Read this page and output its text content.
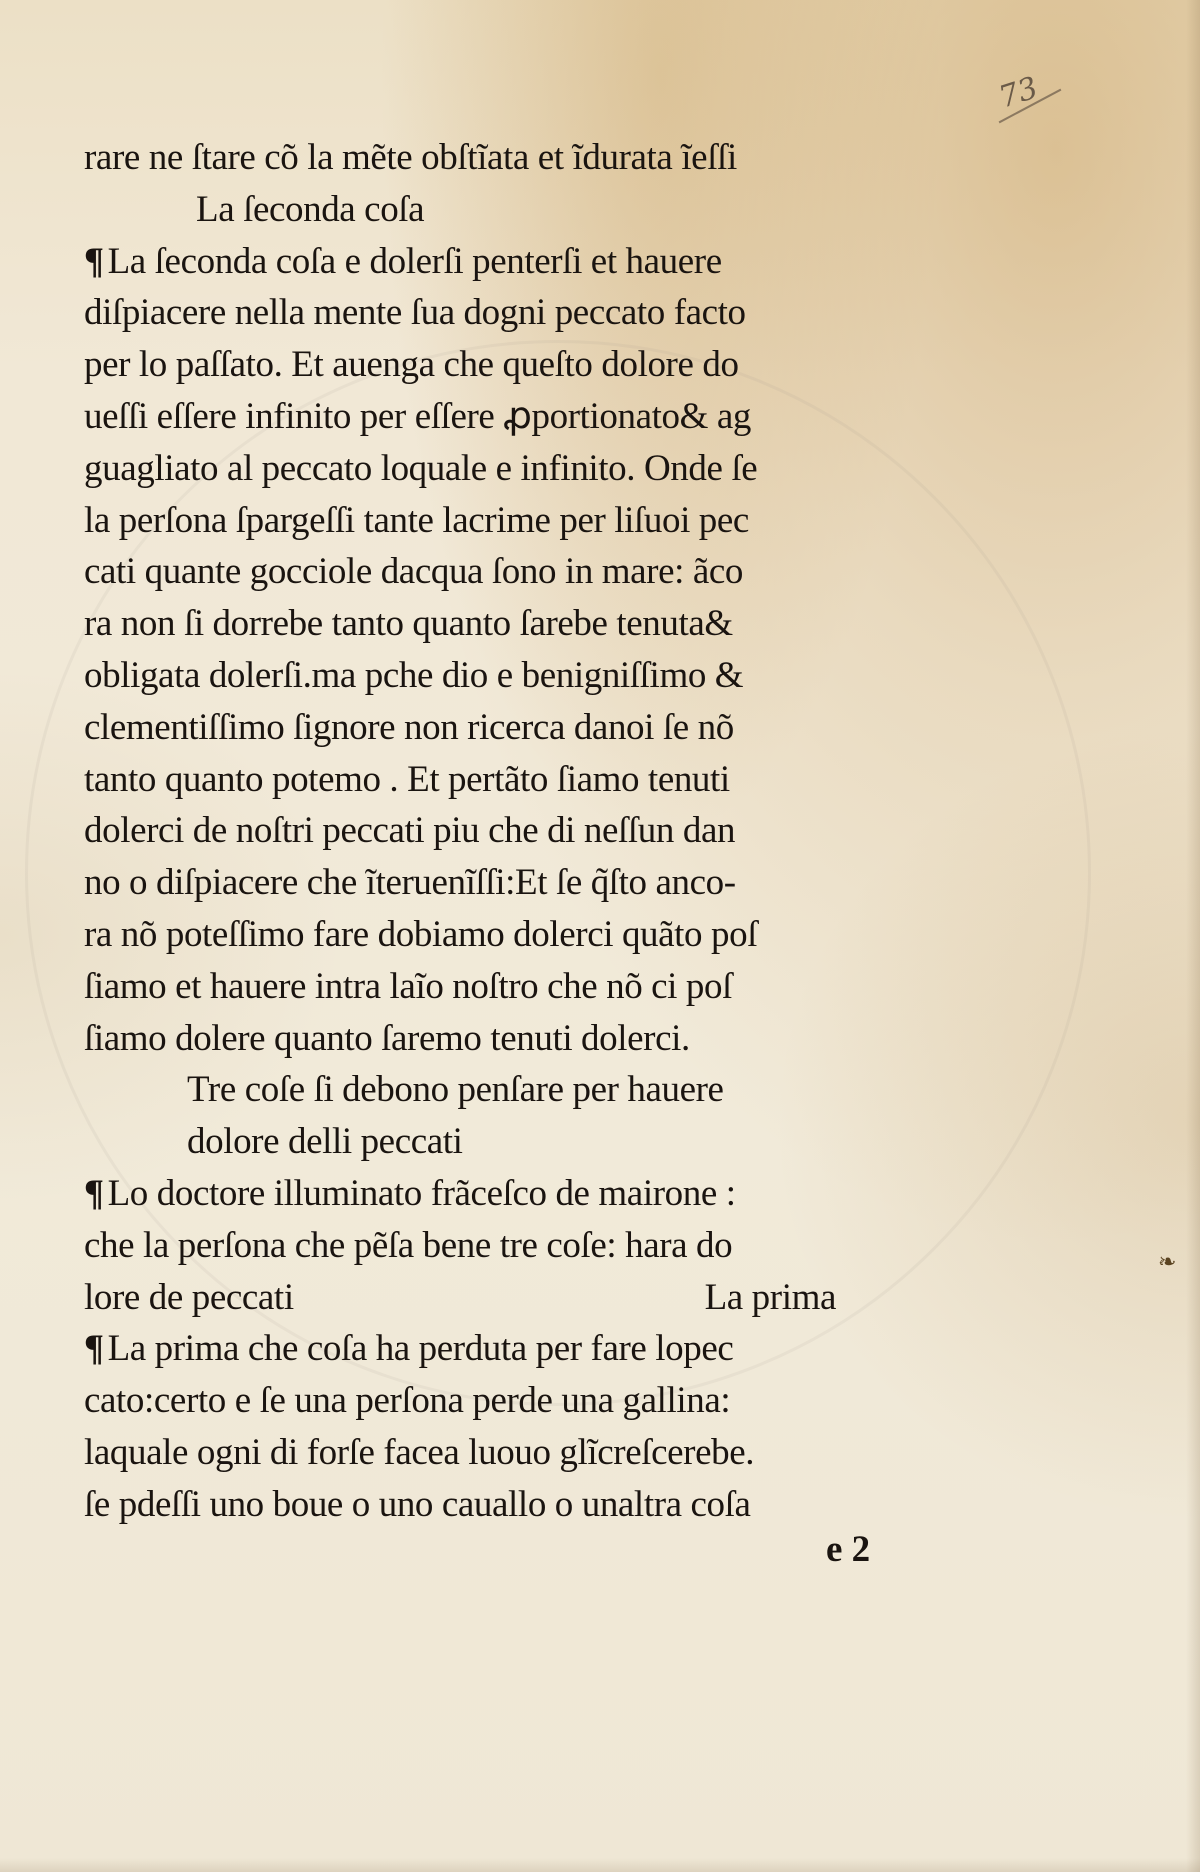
73
❧
rare ne ſtare cõ la mẽte obſtĩata et ĩdurata ĩeſſi
La ſeconda coſa
¶ La ſeconda coſa e dolerſi penterſi et hauere
diſpiacere nella mente ſua dogni peccato facto
per lo paſſato. Et auenga che queſto dolore do
ueſſi eſſere infinito per eſſere ꝓportionato& ag
guagliato al peccato loquale e infinito. Onde ſe
la perſona ſpargeſſi tante lacrime per liſuoi pec
cati quante gocciole dacqua ſono in mare: ãco
ra non ſi dorrebe tanto quanto ſarebe tenuta&
obligata dolerſi.ma pche dio e benigniſſimo &
clementiſſimo ſignore non ricerca danoi ſe nõ
tanto quanto potemo . Et pertãto ſiamo tenuti
dolerci de noſtri peccati piu che di neſſun dan
no o diſpiacere che ĩteruenĩſſi:Et ſe q̃ſto anco‑
ra nõ poteſſimo fare dobiamo dolerci quãto poſ
ſiamo et hauere intra laĩo noſtro che nõ ci poſ
ſiamo dolere quanto ſaremo tenuti dolerci.
Tre coſe ſi debono penſare per hauere
dolore delli peccati
¶ Lo doctore illuminato frãceſco de mairone :
che la perſona che pẽſa bene tre coſe: hara do
lore de peccati	La prima
¶ La prima che coſa ha perduta per fare lopec
cato:certo e ſe una perſona perde una gallina:
laquale ogni di forſe facea luouo glĩcreſcerebe.
ſe pdeſſi uno boue o uno cauallo o unaltra coſa
e 2
